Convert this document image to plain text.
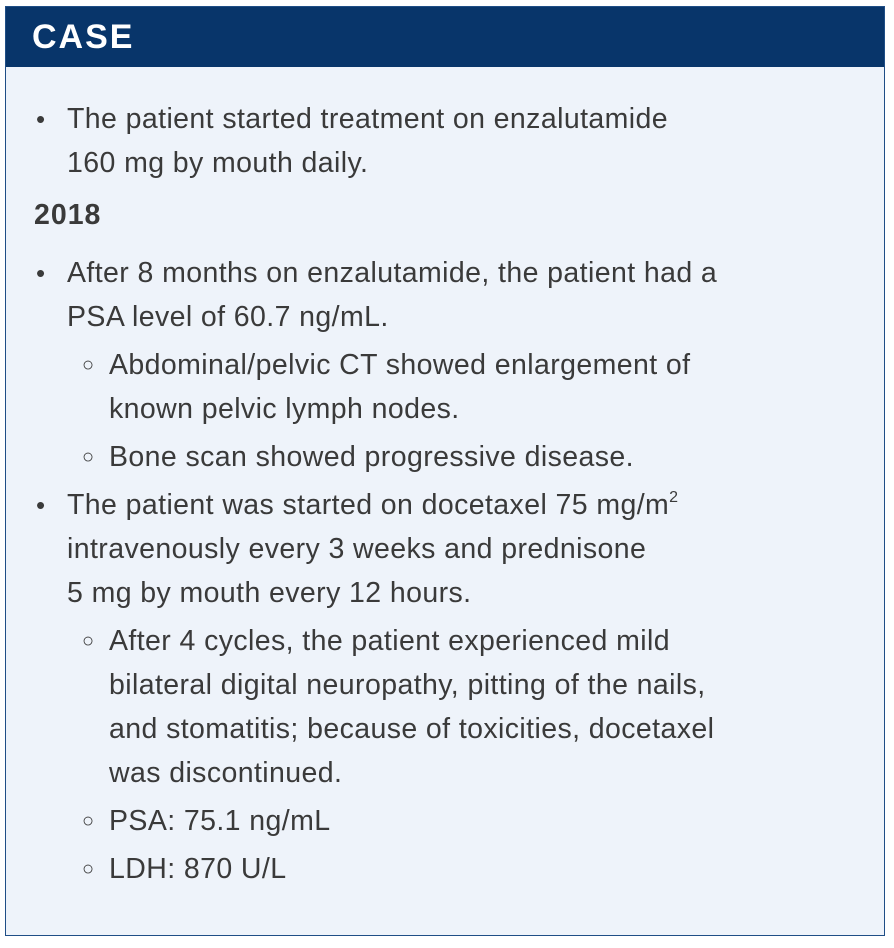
CASE
• The patient started treatment on enzalutamide
160 mg by mouth daily.
2018
• After 8 months on enzalutamide, the patient had a
PSA level of 60.7 ng/mL.
○ Abdominal/pelvic CT showed enlargement of
known pelvic lymph nodes.
○ Bone scan showed progressive disease.
• The patient was started on docetaxel 75 $mg/m^2$
intravenously every 3 weeks and prednisone
5 mg by mouth every 12 hours.
○ After 4 cycles, the patient experienced mild
bilateral digital neuropathy, pitting of the nails,
and stomatitis; because of toxicities, docetaxel
was discontinued.
○ PSA: 75.1 ng/mL
○ LDH: 870 U/L
